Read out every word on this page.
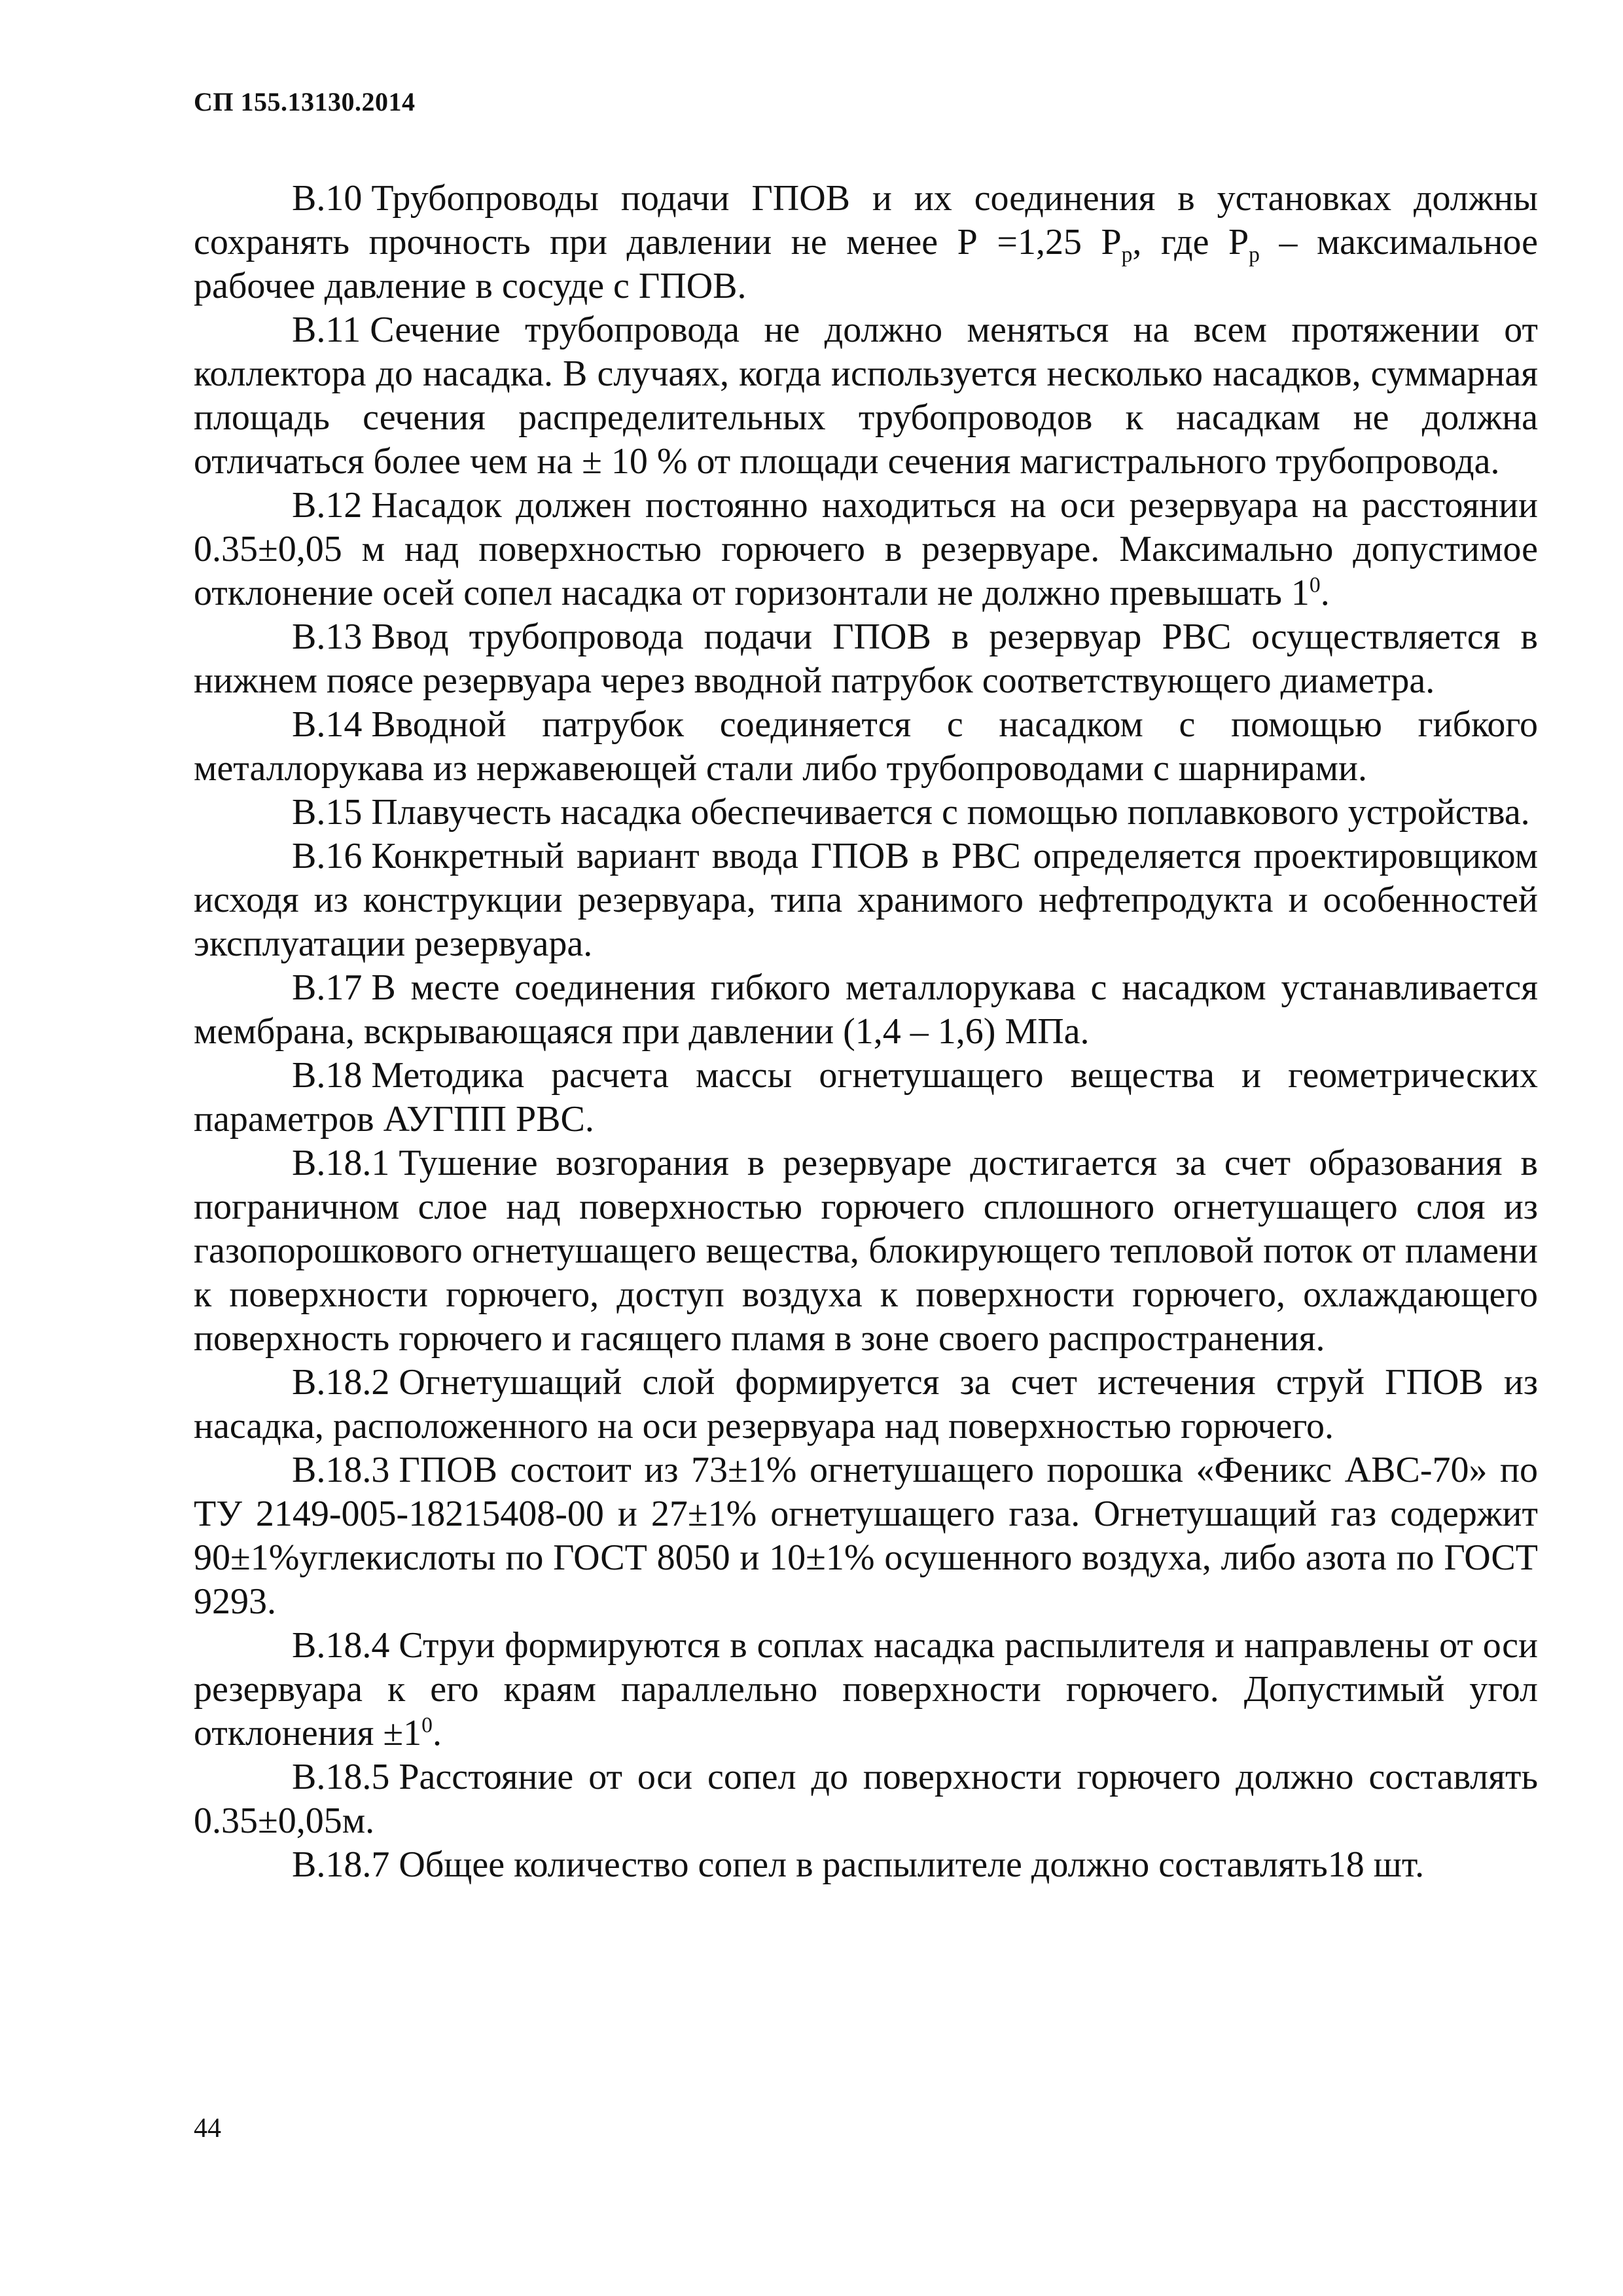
СП 155.13130.2014

В.10 Трубопроводы подачи ГПОВ и их соединения в установках должны сохранять прочность при давлении не менее Р =1,25 $Р_р$, где $Р_р$ – максимальное рабочее давление в сосуде с ГПОВ.

В.11 Сечение трубопровода не должно меняться на всем протяжении от коллектора до насадка. В случаях, когда используется несколько насадков, суммарная площадь сечения распределительных трубопроводов к насадкам не должна отличаться более чем на ± 10 % от площади сечения магистрального трубопровода.

В.12 Насадок должен постоянно находиться на оси резервуара на расстоянии 0.35±0,05 м над поверхностью горючего в резервуаре. Максимально допустимое отклонение осей сопел насадка от горизонтали не должно превышать $1^0$.

В.13 Ввод трубопровода подачи ГПОВ в резервуар РВС осуществляется в нижнем поясе резервуара через вводной патрубок соответствующего диаметра.

В.14 Вводной патрубок соединяется с насадком с помощью гибкого металлорукава из нержавеющей стали либо трубопроводами с шарнирами.

В.15 Плавучесть насадка обеспечивается с помощью поплавкового устройства.

В.16 Конкретный вариант ввода ГПОВ в РВС определяется проектировщиком исходя из конструкции резервуара, типа хранимого нефтепродукта и особенностей эксплуатации резервуара.

В.17 В месте соединения гибкого металлорукава с насадком устанавливается мембрана, вскрывающаяся при давлении (1,4 – 1,6) МПа.

В.18 Методика расчета массы огнетушащего вещества и геометрических параметров АУГПП РВС.

В.18.1 Тушение возгорания в резервуаре достигается за счет образования в пограничном слое над поверхностью горючего сплошного огнетушащего слоя из газопорошкового огнетушащего вещества, блокирующего тепловой поток от пламени к поверхности горючего, доступ воздуха к поверхности горючего, охлаждающего поверхность горючего и гасящего пламя в зоне своего распространения.

В.18.2 Огнетушащий слой формируется за счет истечения струй ГПОВ из насадка, расположенного на оси резервуара над поверхностью горючего.

В.18.3 ГПОВ состоит из 73±1% огнетушащего порошка «Феникс АВС-70» по ТУ 2149-005-18215408-00 и 27±1% огнетушащего газа. Огнетушащий газ содержит 90±1%углекислоты по ГОСТ 8050 и 10±1% осушенного воздуха, либо азота по ГОСТ 9293.

В.18.4 Струи формируются в соплах насадка распылителя и направлены от оси резервуара к его краям параллельно поверхности горючего. Допустимый угол отклонения $\pm 1^0$.

В.18.5 Расстояние от оси сопел до поверхности горючего должно составлять 0.35±0,05м.

В.18.7 Общее количество сопел в распылителе должно составлять18 шт.

44
